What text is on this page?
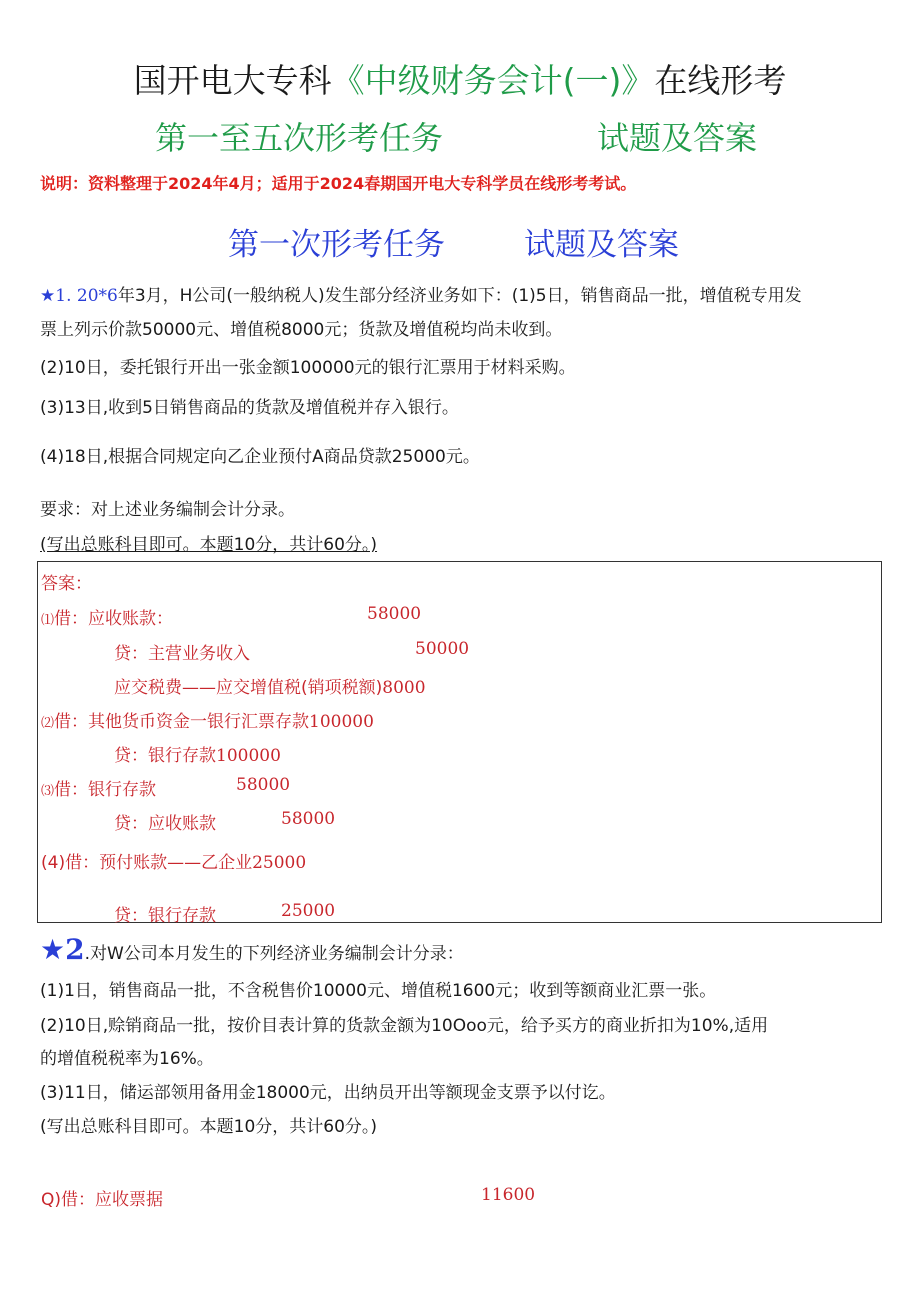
国开电大专科《中级财务会计(一)》在线形考
第一至五次形考任务	试题及答案
说明：资料整理于2024年4月；适用于2024春期国开电大专科学员在线形考考试。
第一次形考任务	试题及答案
★1. 20*6年3月，H公司(一般纳税人)发生部分经济业务如下：(1)5日，销售商品一批，增值税专用发
票上列示价款50000元、增值税8000元；货款及增值税均尚未收到。
(2)10日，委托银行开出一张金额100000元的银行汇票用于材料采购。
(3)13日,收到5日销售商品的货款及增值税并存入银行。
(4)18日,根据合同规定向乙企业预付A商品贷款25000元。
要求：对上述业务编制会计分录。
(写出总账科目即可。本题10分，共计60分。)
答案：
⑴借：应收账款：	58000
贷：主营业务收入	50000
应交税费——应交增值税(销项税额)8000
⑵借：其他货币资金一银行汇票存款100000
贷：银行存款100000
⑶借：银行存款	58000
贷：应收账款	58000
(4)借：预付账款——乙企业25000
贷：银行存款	25000
★2.对W公司本月发生的下列经济业务编制会计分录：
(1)1日，销售商品一批，不含税售价10000元、增值税1600元；收到等额商业汇票一张。
(2)10日,赊销商品一批，按价目表计算的货款金额为10Ooo元，给予买方的商业折扣为10%,适用
的增值税税率为16%。
(3)11日，储运部领用备用金18000元，出纳员开出等额现金支票予以付讫。
(写出总账科目即可。本题10分，共计60分。)
Q)借：应收票据	11600
